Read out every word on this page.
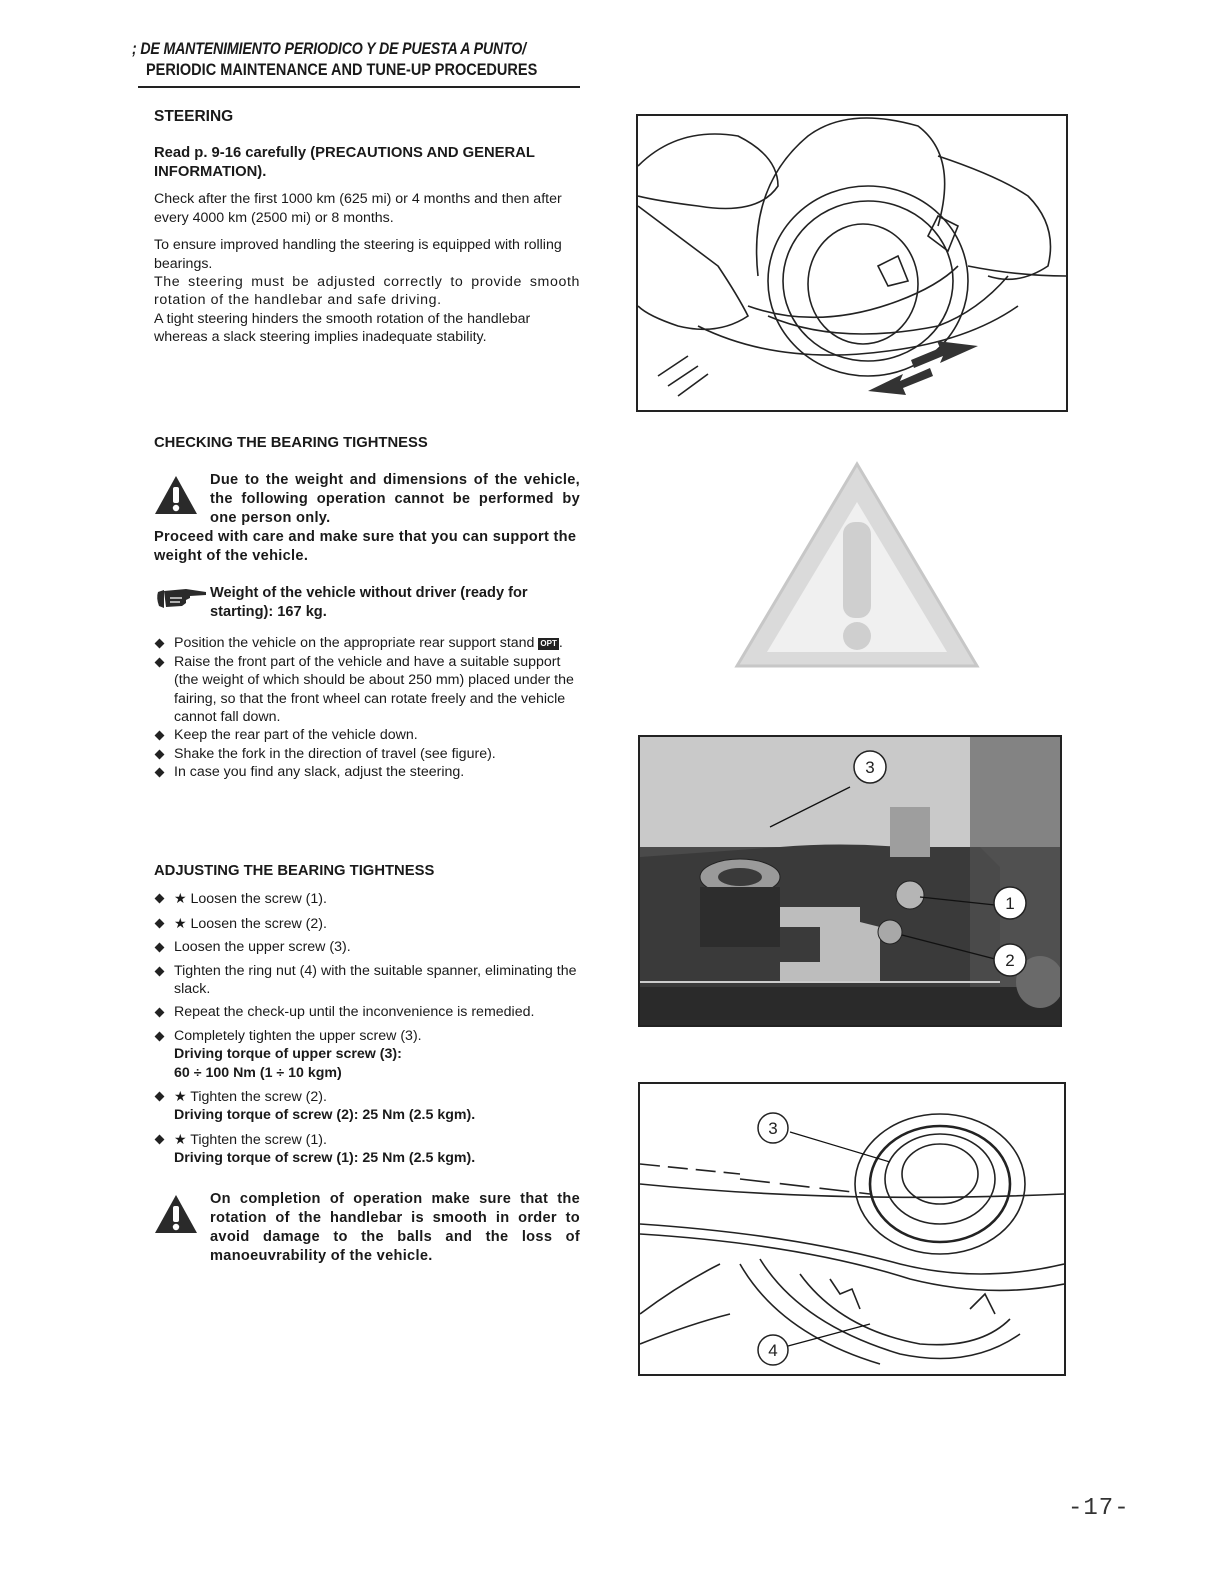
; DE MANTENIMIENTO PERIODICO Y DE PUESTA A PUNTO/
PERIODIC MAINTENANCE AND TUNE-UP PROCEDURES

STEERING

Read p. 9-16 carefully (PRECAUTIONS AND GENERAL INFORMATION).

Check after the first 1000 km (625 mi) or 4 months and then after every 4000 km (2500 mi) or 8 months.

To ensure improved handling the steering is equipped with rolling bearings.

The steering must be adjusted correctly to provide smooth rotation of the handlebar and safe driving.

A tight steering hinders the smooth rotation of the handlebar whereas a slack steering implies inadequate stability.

CHECKING THE BEARING TIGHTNESS

Due to the weight and dimensions of the vehicle, the following operation cannot be performed by one person only.

Proceed with care and make sure that you can support the weight of the vehicle.

Weight of the vehicle without driver (ready for starting): 167 kg.

Position the vehicle on the appropriate rear support stand OPT .
Raise the front part of the vehicle and have a suitable support (the weight of which should be about 250 mm) placed under the fairing, so that the front wheel can rotate freely and the vehicle cannot fall down.
Keep the rear part of the vehicle down.
Shake the fork in the direction of travel (see figure).
In case you find any slack, adjust the steering.

ADJUSTING THE BEARING TIGHTNESS

★ Loosen the screw (1).
★ Loosen the screw (2).
Loosen the upper screw (3).
Tighten the ring nut (4) with the suitable spanner, eliminating the slack.
Repeat the check-up until the inconvenience is remedied.
Completely tighten the upper screw (3).
Driving torque of upper screw (3):
60 ÷ 100 Nm (1 ÷ 10 kgm)
★ Tighten the screw (2).
Driving torque of screw (2): 25 Nm (2.5 kgm).
★ Tighten the screw (1).
Driving torque of screw (1): 25 Nm (2.5 kgm).

On completion of operation make sure that the rotation of the handlebar is smooth in order to avoid damage to the balls and the loss of manoeuvrability of the vehicle.

3
1
2
3
4
-17-
